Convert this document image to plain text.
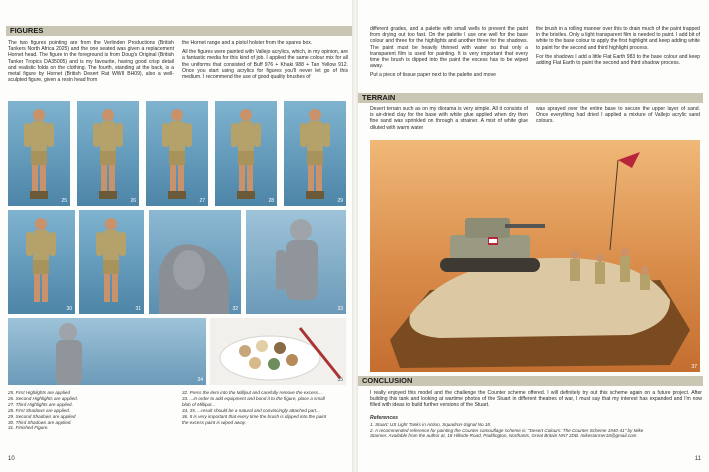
FIGURES

The two figures pointing are from the Verlinden Productions (British Tankers North Africa 2025) and the one seated was given a replacement Hornet head. The figure in the foreground is from Doug's Original (British Tanker Tropics DA35005) and is my favourite, having good crisp detail and realistic folds on the clothing. The fourth, standing at the back, is a metal figure by Hornet (British Desert Rat WWII BH09), also a well-sculpted figure, given a resin head from

the Hornet range and a pistol holster from the spares box.

All the figures were painted with Vallejo acrylics, which, in my opinion, are a fantastic media for this kind of job. I applied the same colour mix for all the uniforms that consisted of Buff 976 + Khaki 988 + Tan Yellow 912. Once you start using acrylics for figures you'll never let go of this medium. I recommend the use of good quality brushes of

25	26	27	28	29
30	31	32	33
34	35
25. First Highlights are applied
26. Second Highlights are applied.
27. Third Highlights are applied.
28. First Shadows are applied.
29. Second Shadows are applied
30. Third Shadows are applied.
31. Finished Figure.
32. Press the item into the Milliput and carefully remove the excess...
33. ...in order to add equipment and bond it to the figure, place a small
blob of Milliput...
34, 35. ...result should be a natural and convincingly attached part...
36. It is very important that every time the brush is dipped into the paint
the excess paint is wiped away.
10

different grades, and a palette with small wells to prevent the paint from drying out too fast. On the palette I use one well for the base colour and three for the highlights and another three for the shadows. The paint must be heavily thinned with water so that only a transparent film is used for painting. It is very important that every time the brush is dipped into the paint the excess has to be wiped away.

Put a piece of tissue paper next to the palette and move

the brush in a rolling manner over this to drain much of the paint trapped in the bristles. Only a light transparent film is needed to paint. I add bit of white to the base colour to apply the first highlight and keep adding white to paint for the second and third highlight process.

For the shadows I add a little Flat Earth 983 to the base colour and keep adding Flat Earth to paint the second and third shadow process.

TERRAIN

Desert terrain such as on my diorama is very simple. All it consists of is air-dried clay for the base with white glue applied when dry then fine sand was sprinkled on through a strainer. A mist of white glue diluted with warm water

was sprayed over the entire base to secure the upper layer of sand. Once everything had dried I applied a mixture of Vallejo acrylic sand colours.

37
CONCLUSION

I really enjoyed this model and the challenge the Counter scheme offered. I will definitely try out this scheme again on a future project. After building this tank and looking at wartime photos of the Stuart in different theatres of war, I must say that my interest has expanded and I'm now filled with ideas to build further versions of the Stuart.

References
1. Stuart: US Light Tanks in Action, Squadron-Signal No.18.
2. A recommended reference for painting the Counter camouflage scheme is: "Desert Colours: The Counter Scheme 1940-41" by Mike
Starmer. Available from the author at, 18 Hillside Road, Paddington, Northants, Great Britain NN7 2DB. mikestarmer18@gmail.com
11
